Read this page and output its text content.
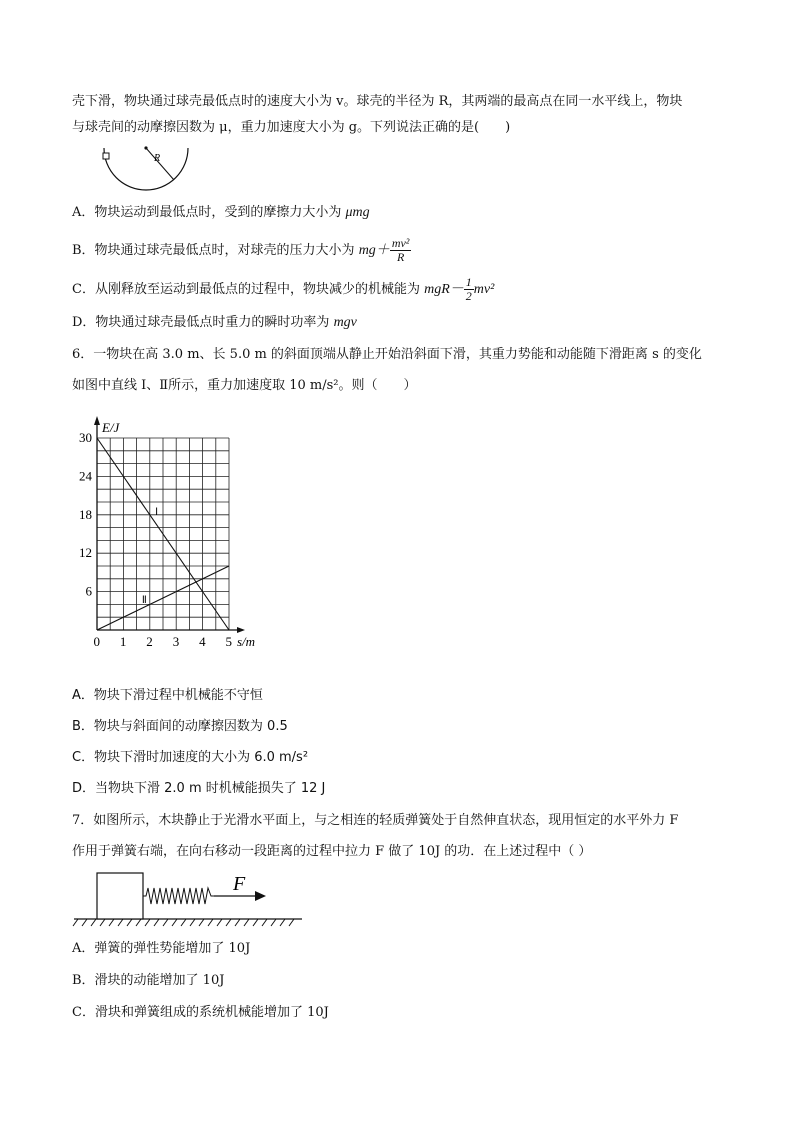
壳下滑，物块通过球壳最低点时的速度大小为 v。球壳的半径为 R，其两端的最高点在同一水平线上，物块
与球壳间的动摩擦因数为 μ，重力加速度大小为 g。下列说法正确的是(　　)
R
A．物块运动到最低点时，受到的摩擦力大小为 μmg
B．物块通过球壳最低点时，对球壳的压力大小为 $mg+ \frac{\text{mv²}}{R}$
C．从刚释放至运动到最低点的过程中，物块减少的机械能为 $mgR- \frac{1}{2} mv^2$
D．物块通过球壳最低点时重力的瞬时功率为 mgv
6．一物块在高 3.0 m、长 5.0 m 的斜面顶端从静止开始沿斜面下滑，其重力势能和动能随下滑距离 s 的变化
如图中直线 Ⅰ、Ⅱ所示，重力加速度取 10 m/s²。则（　　）
Ⅰ
Ⅱ
0 1 2 3 4 5
6
12
18
24
30
E/J
s/m
A．物块下滑过程中机械能不守恒
B．物块与斜面间的动摩擦因数为 0.5
C．物块下滑时加速度的大小为 6.0 m/s²
D．当物块下滑 2.0 m 时机械能损失了 12 J
7．如图所示，木块静止于光滑水平面上，与之相连的轻质弹簧处于自然伸直状态，现用恒定的水平外力 F
作用于弹簧右端，在向右移动一段距离的过程中拉力 F 做了 10J 的功．在上述过程中（ ）
F
A．弹簧的弹性势能增加了 10J
B．滑块的动能增加了 10J
C．滑块和弹簧组成的系统机械能增加了 10J
